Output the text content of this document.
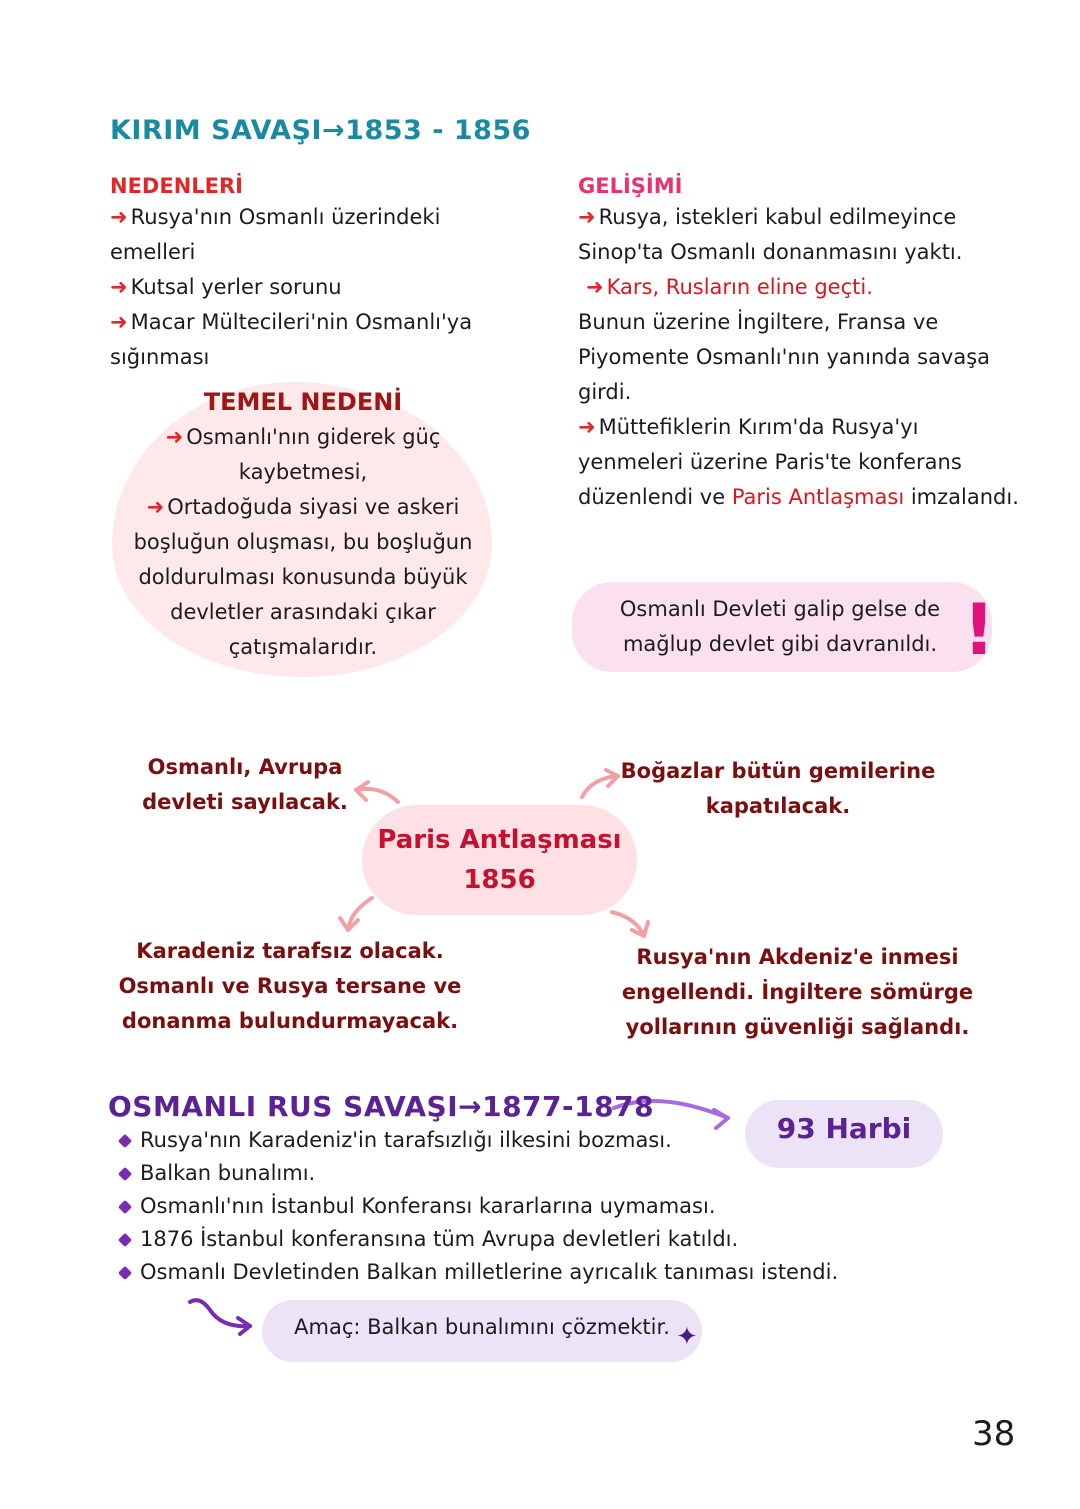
KIRIM SAVAŞI→1853 - 1856
NEDENLERİ
➜ Rusya'nın Osmanlı üzerindeki emelleri
➜ Kutsal yerler sorunu
➜ Macar Mültecileri'nin Osmanlı'ya sığınması
TEMEL NEDENİ
➜ Osmanlı'nın giderek güç kaybetmesi,
➜ Ortadoğuda siyasi ve askeri boşluğun oluşması, bu boşluğun doldurulması konusunda büyük devletler arasındaki çıkar çatışmalarıdır.
GELİŞİMİ
➜ Rusya, istekleri kabul edilmeyince Sinop'ta Osmanlı donanmasını yaktı.
➜ Kars, Rusların eline geçti.
Bunun üzerine İngiltere, Fransa ve Piyomente Osmanlı'nın yanında savaşa girdi.
➜ Müttefiklerin Kırım'da Rusya'yı yenmeleri üzerine Paris'te konferans düzenlendi ve Paris Antlaşması imzalandı.
Osmanlı Devleti galip gelse de mağlup devlet gibi davranıldı. !
Paris Antlaşması
1856
Osmanlı, Avrupa devleti sayılacak.
Boğazlar bütün gemilerine kapatılacak.
Karadeniz tarafsız olacak. Osmanlı ve Rusya tersane ve donanma bulundurmayacak.
Rusya'nın Akdeniz'e inmesi engellendi. İngiltere sömürge yollarının güvenliği sağlandı.
OSMANLI RUS SAVAŞI→1877-1878
93 Harbi
Rusya'nın Karadeniz'in tarafsızlığı ilkesini bozması.
Balkan bunalımı.
Osmanlı'nın İstanbul Konferansı kararlarına uymaması.
1876 İstanbul konferansına tüm Avrupa devletleri katıldı.
Osmanlı Devletinden Balkan milletlerine ayrıcalık tanıması istendi.
Amaç: Balkan bunalımını çözmektir. ✦
38
